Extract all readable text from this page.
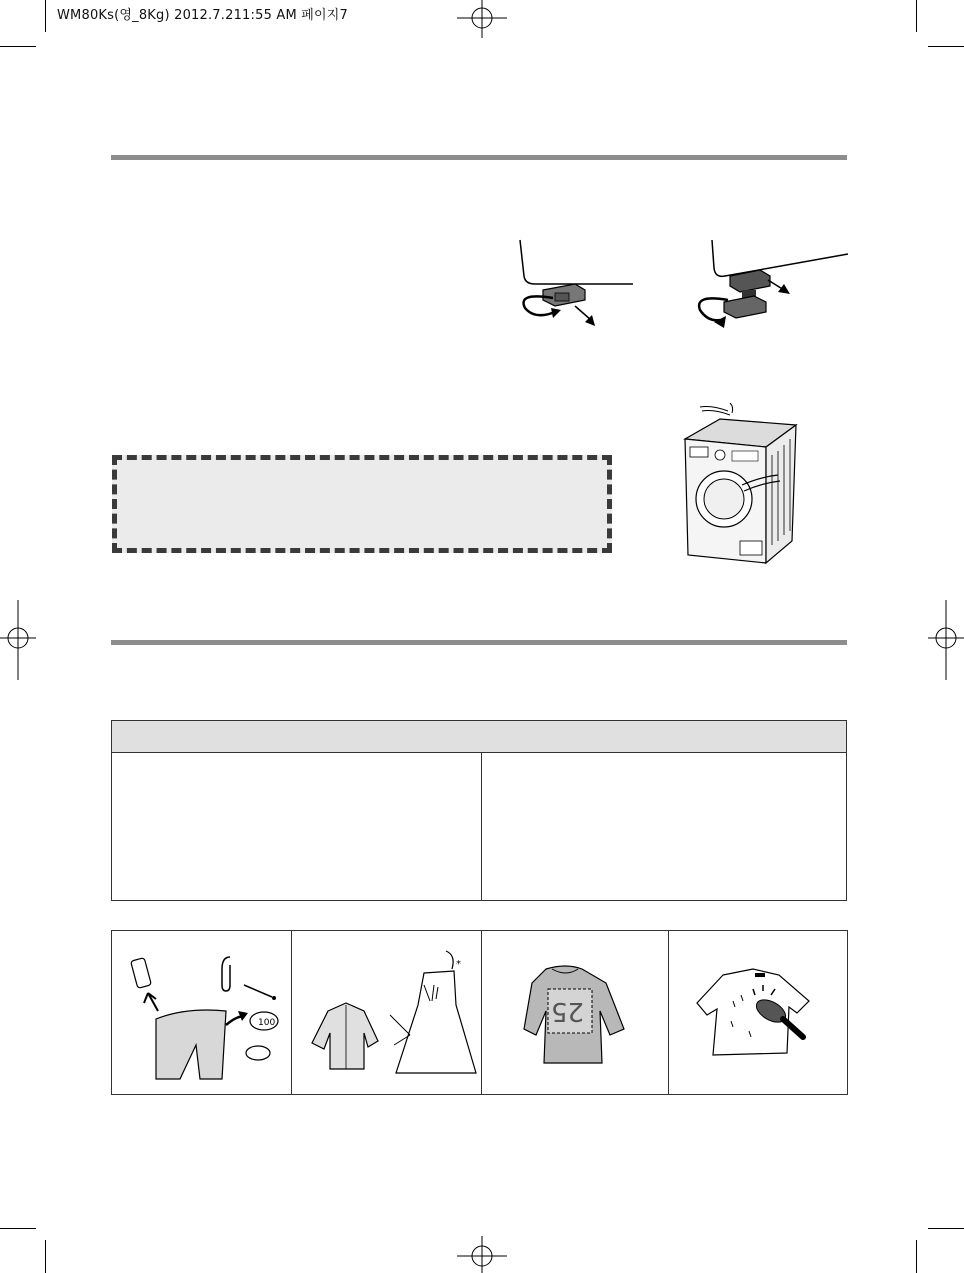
WM80Ks(영_8Kg) 2012.7.211:55 AM 페이지7
100
*
25
